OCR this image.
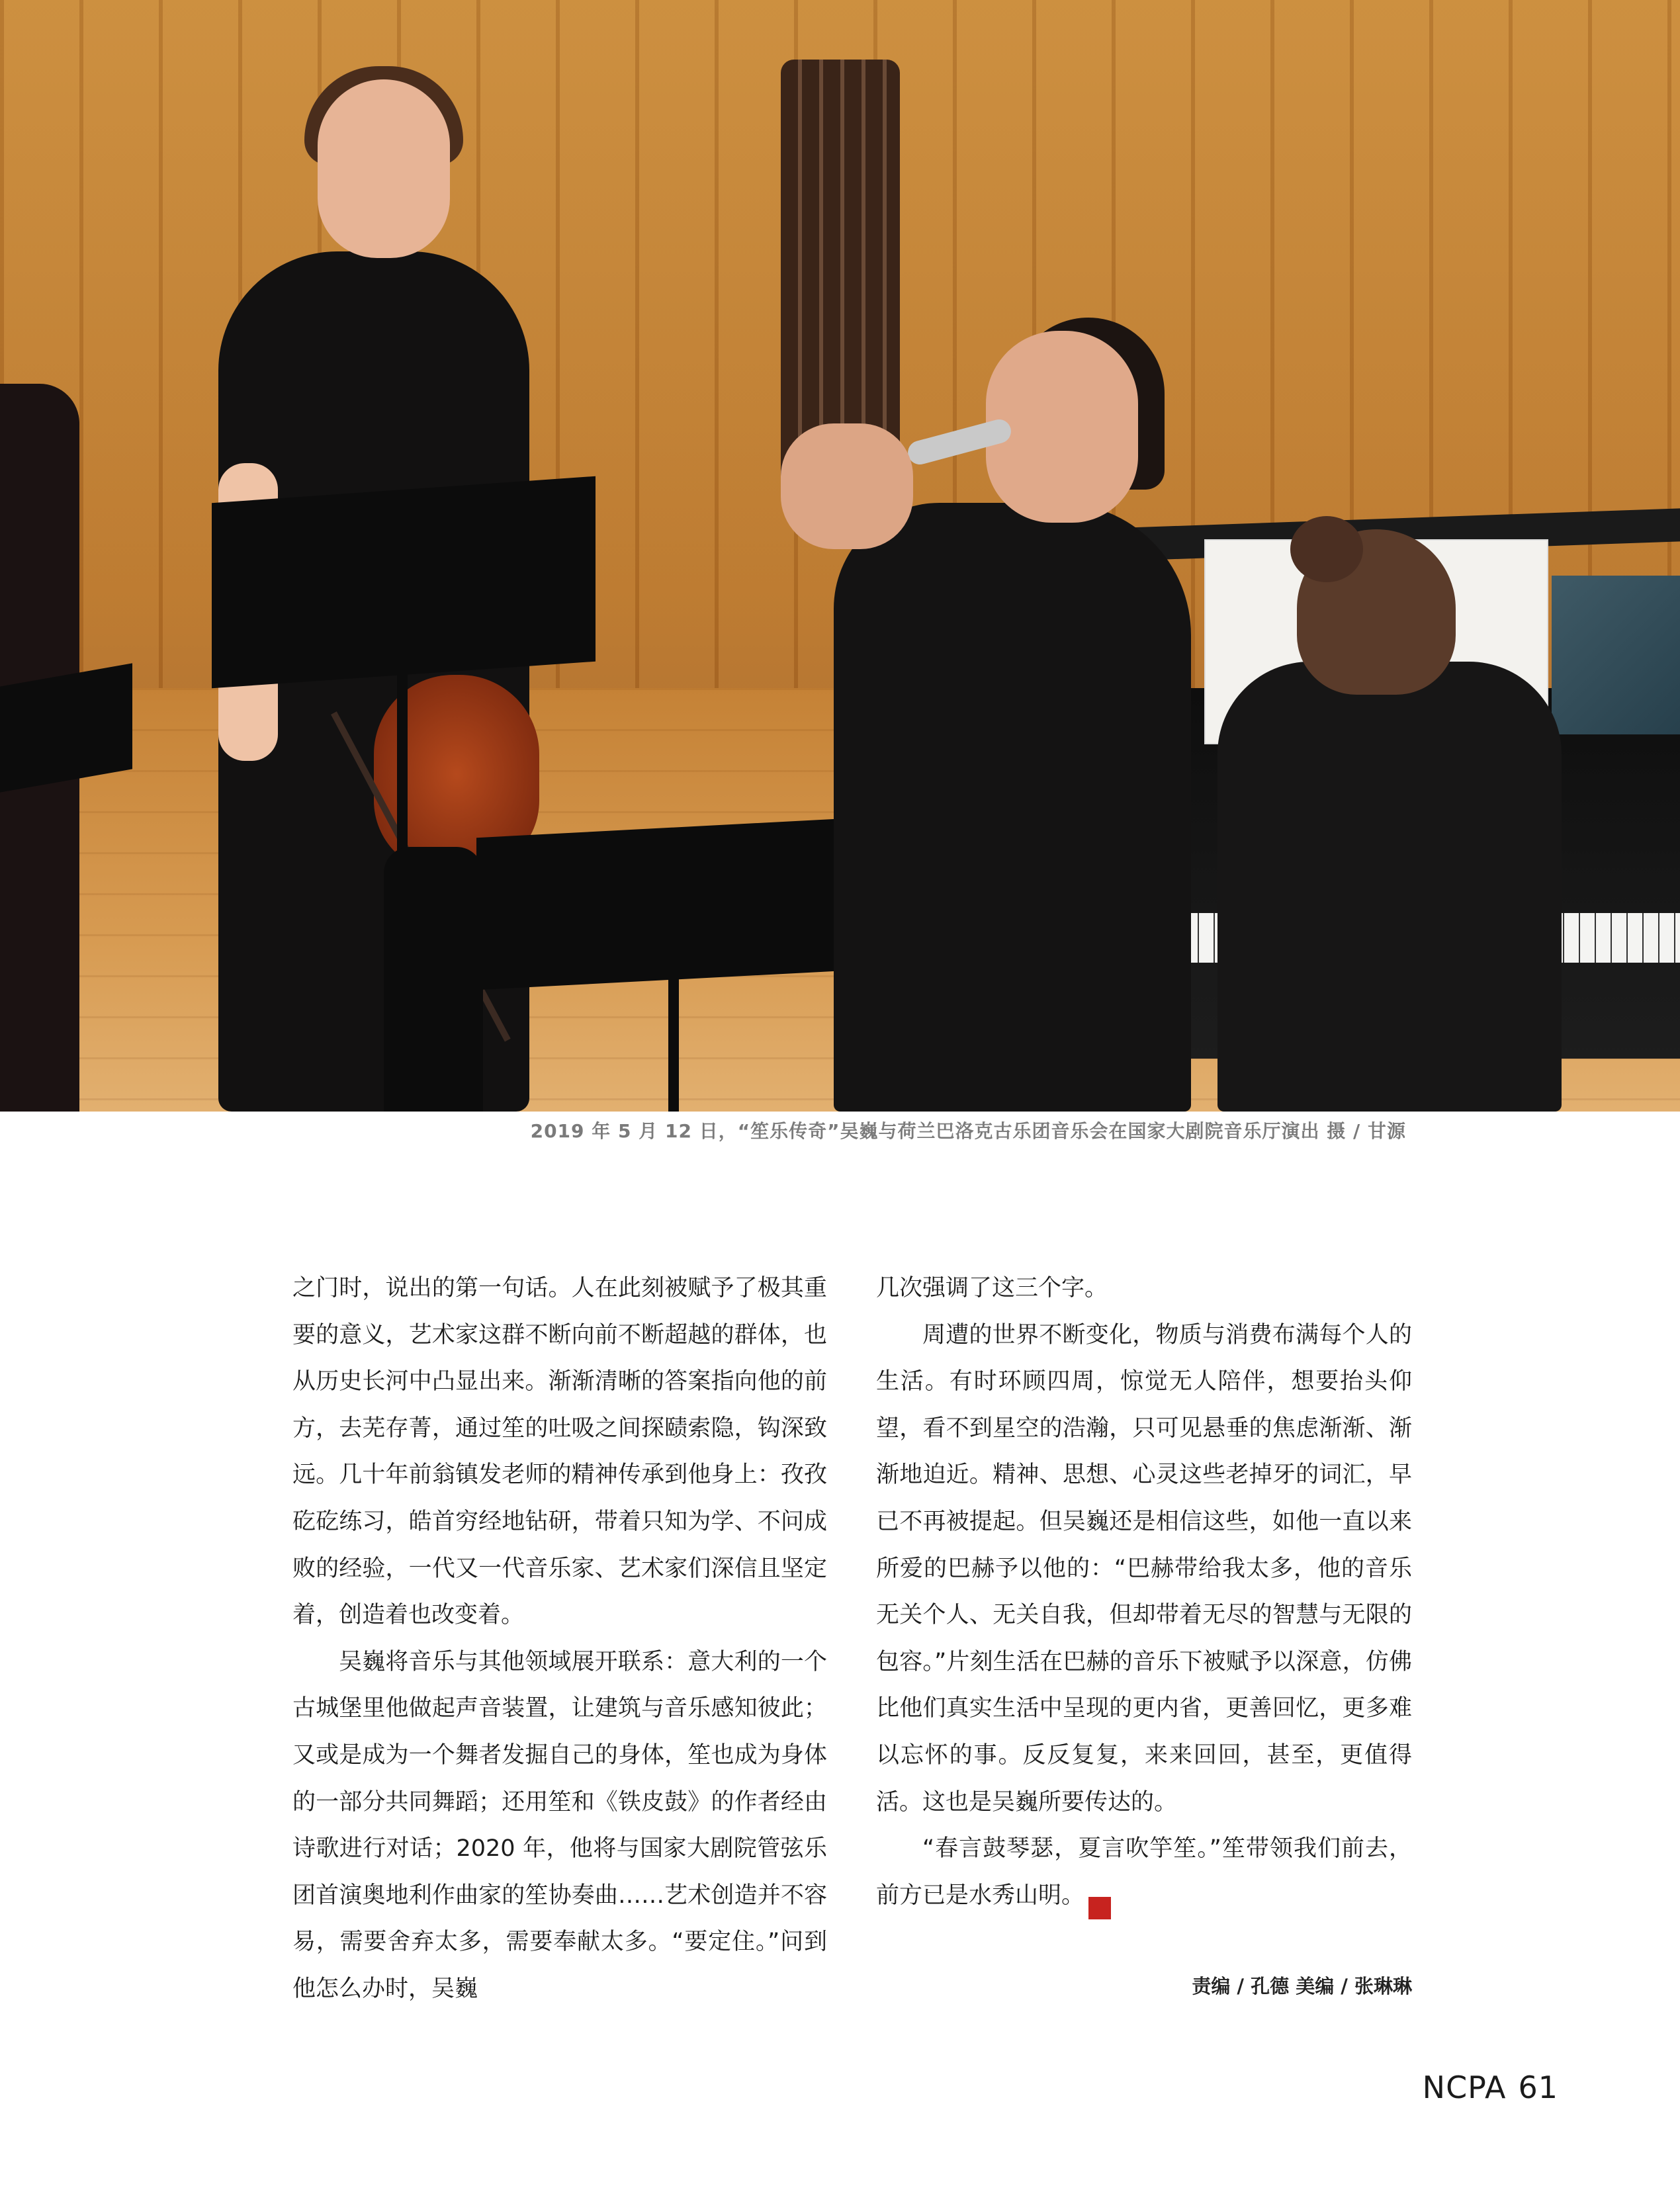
2019 年 5 月 12 日，“笙乐传奇”吴巍与荷兰巴洛克古乐团音乐会在国家大剧院音乐厅演出 摄 / 甘源

之门时，说出的第一句话。人在此刻被赋予了极其重要的意义，艺术家这群不断向前不断超越的群体，也从历史长河中凸显出来。渐渐清晰的答案指向他的前方，去芜存菁，通过笙的吐吸之间探赜索隐，钩深致远。几十年前翁镇发老师的精神传承到他身上：孜孜矻矻练习，皓首穷经地钻研，带着只知为学、不问成败的经验，一代又一代音乐家、艺术家们深信且坚定着，创造着也改变着。

吴巍将音乐与其他领域展开联系：意大利的一个古城堡里他做起声音装置，让建筑与音乐感知彼此；又或是成为一个舞者发掘自己的身体，笙也成为身体的一部分共同舞蹈；还用笙和《铁皮鼓》的作者经由诗歌进行对话；2020 年，他将与国家大剧院管弦乐团首演奥地利作曲家的笙协奏曲……艺术创造并不容易，需要舍弃太多，需要奉献太多。“要定住。”问到他怎么办时，吴巍

几次强调了这三个字。

周遭的世界不断变化，物质与消费布满每个人的生活。有时环顾四周，惊觉无人陪伴，想要抬头仰望，看不到星空的浩瀚，只可见悬垂的焦虑渐渐、渐渐地迫近。精神、思想、心灵这些老掉牙的词汇，早已不再被提起。但吴巍还是相信这些，如他一直以来所爱的巴赫予以他的：“巴赫带给我太多，他的音乐无关个人、无关自我，但却带着无尽的智慧与无限的包容。”片刻生活在巴赫的音乐下被赋予以深意，仿佛比他们真实生活中呈现的更内省，更善回忆，更多难以忘怀的事。反反复复，来来回回，甚至，更值得活。这也是吴巍所要传达的。

“春言鼓琴瑟，夏言吹竽笙。”笙带领我们前去，前方已是水秀山明。	NCPA

责编 / 孔德 美编 / 张琳琳
NCPA 61
